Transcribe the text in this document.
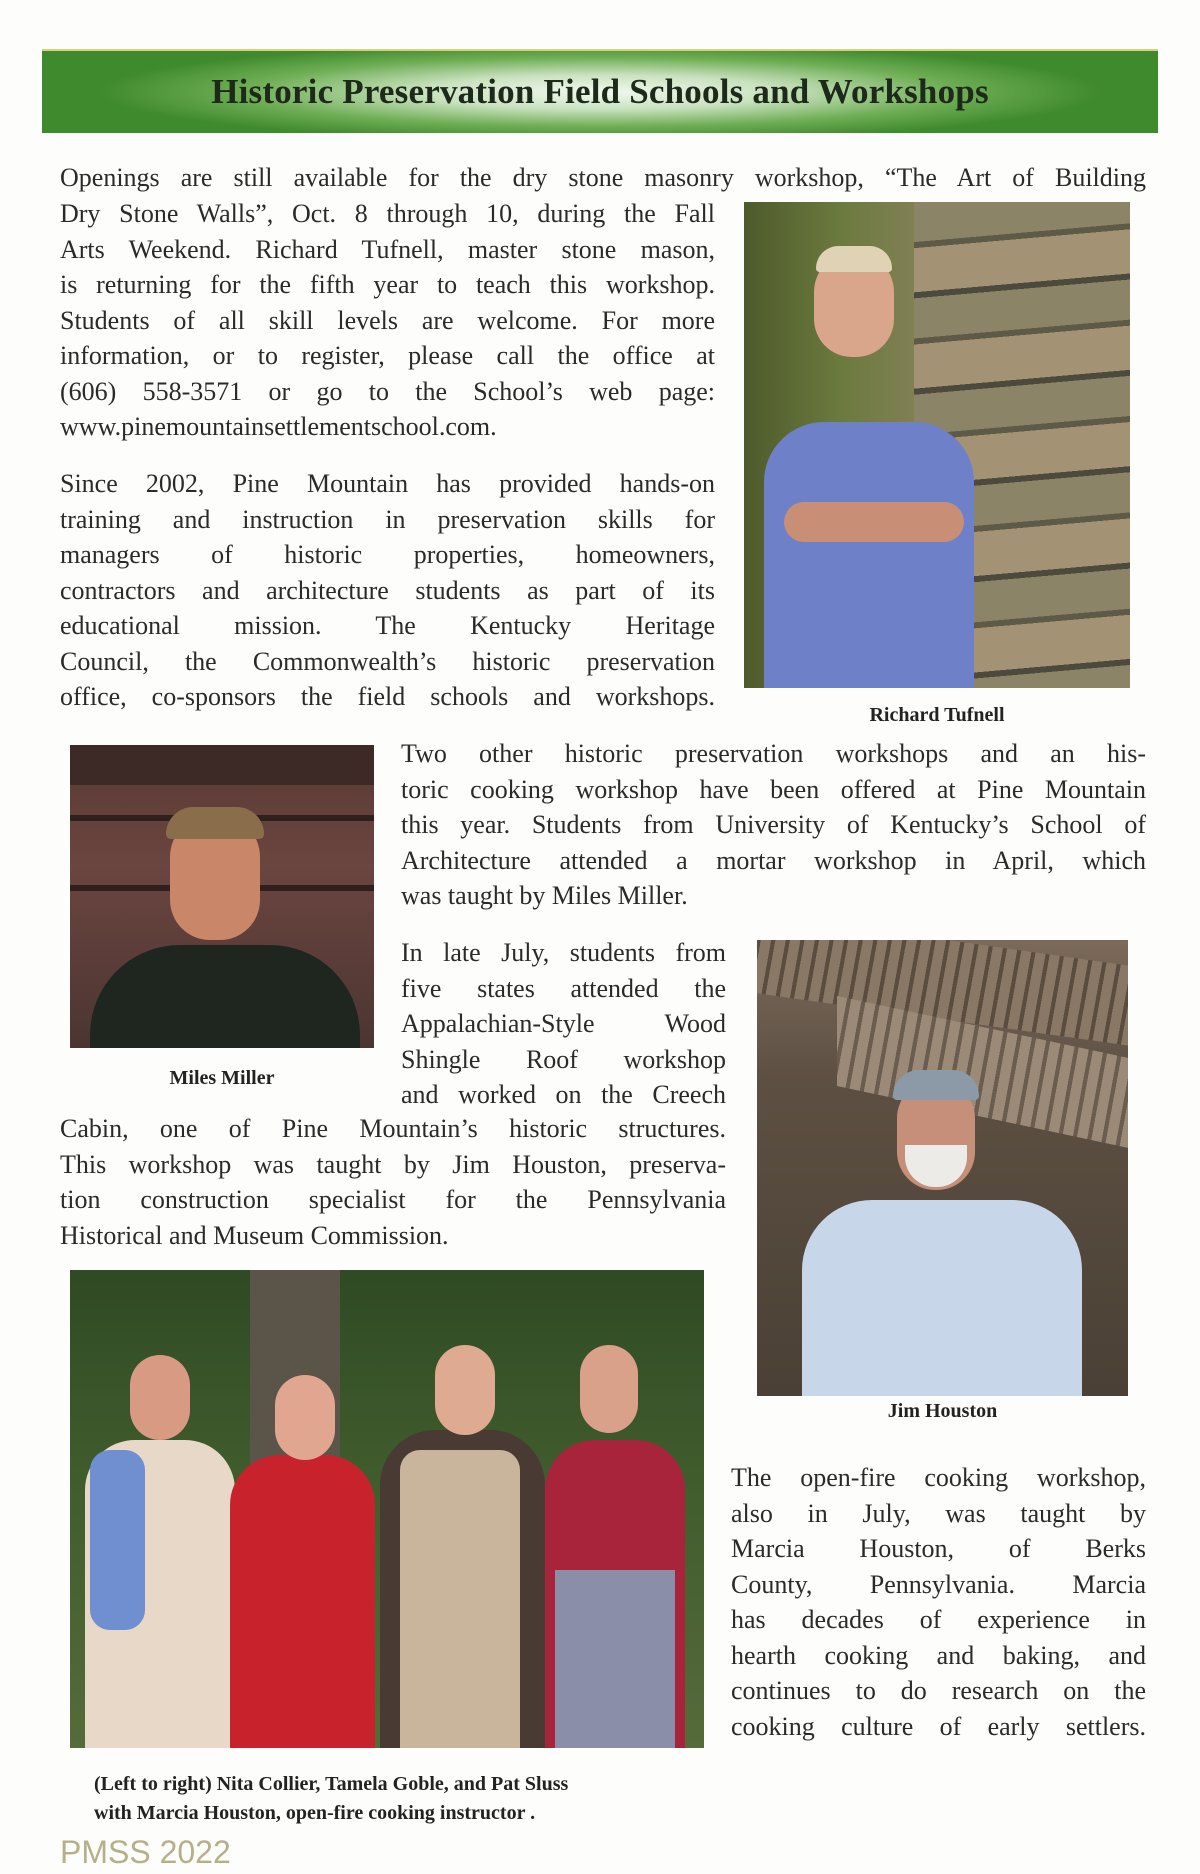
Historic Preservation Field Schools and Workshops
Openings are still available for the dry stone masonry workshop, “The Art of Building
Dry Stone Walls”, Oct. 8 through 10, during the Fall
Arts Weekend. Richard Tufnell, master stone mason,
is returning for the fifth year to teach this workshop.
Students of all skill levels are welcome. For more
information, or to register, please call the office at
(606) 558-3571 or go to the School’s web page:
www.pinemountainsettlementschool.com.
Since 2002, Pine Mountain has provided hands-on
training and instruction in preservation skills for
managers of historic properties, homeowners,
contractors and architecture students as part of its
educational mission. The Kentucky Heritage
Council, the Commonwealth’s historic preservation
office, co-sponsors the field schools and workshops.
Two other historic preservation workshops and an his-
toric cooking workshop have been offered at Pine Mountain
this year. Students from University of Kentucky’s School of
Architecture attended a mortar workshop in April, which
was taught by Miles Miller.
In late July, students from
five states attended the
Appalachian-Style Wood
Shingle Roof workshop
and worked on the Creech
Cabin, one of Pine Mountain’s historic structures.
This workshop was taught by Jim Houston, preserva-
tion construction specialist for the Pennsylvania
Historical and Museum Commission.
The open-fire cooking workshop,
also in July, was taught by
Marcia Houston, of Berks
County, Pennsylvania. Marcia
has decades of experience in
hearth cooking and baking, and
continues to do research on the
cooking culture of early settlers.
Richard Tufnell
Miles Miller
Jim Houston
(Left to right) Nita Collier, Tamela Goble, and Pat Sluss
with Marcia Houston, open-fire cooking instructor .
PMSS 2022
